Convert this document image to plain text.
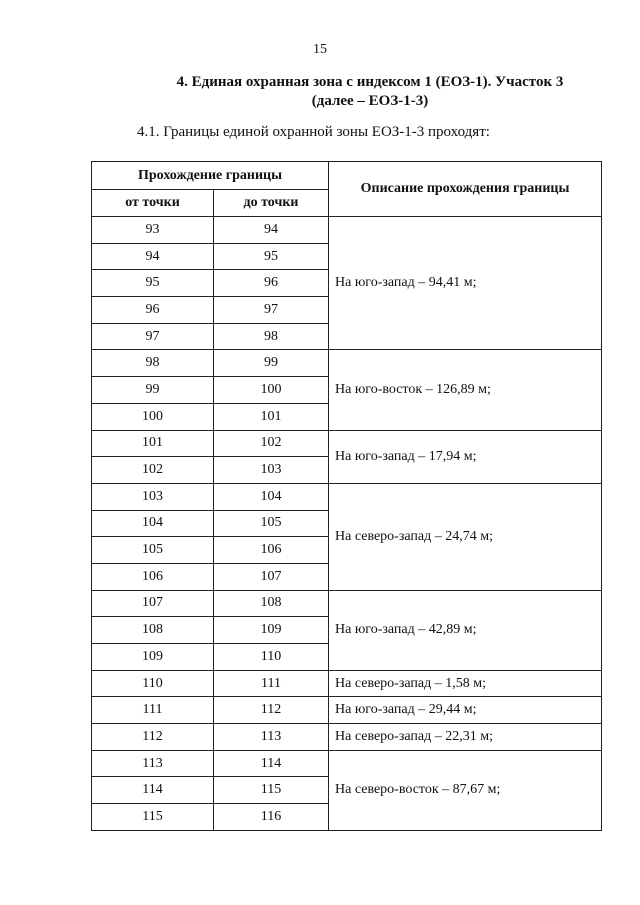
15
4. Единая охранная зона с индексом 1 (ЕОЗ-1). Участок 3
(далее – ЕОЗ-1-3)
4.1. Границы единой охранной зоны ЕОЗ-1-3 проходят:
Прохождение границы		Описание прохождения границы
от точки	до точки	
93	94	На юго-запад – 94,41 м;
94	95	
95	96	
96	97	
97	98	
98	99	На юго-восток – 126,89 м;
99	100	
100	101	
101	102	На юго-запад – 17,94 м;
102	103	
103	104	На северо-запад – 24,74 м;
104	105	
105	106	
106	107	
107	108	На юго-запад – 42,89 м;
108	109	
109	110	
110	111	На северо-запад – 1,58 м;
111	112	На юго-запад – 29,44 м;
112	113	На северо-запад – 22,31 м;
113	114	На северо-восток – 87,67 м;
114	115	
115	116	
